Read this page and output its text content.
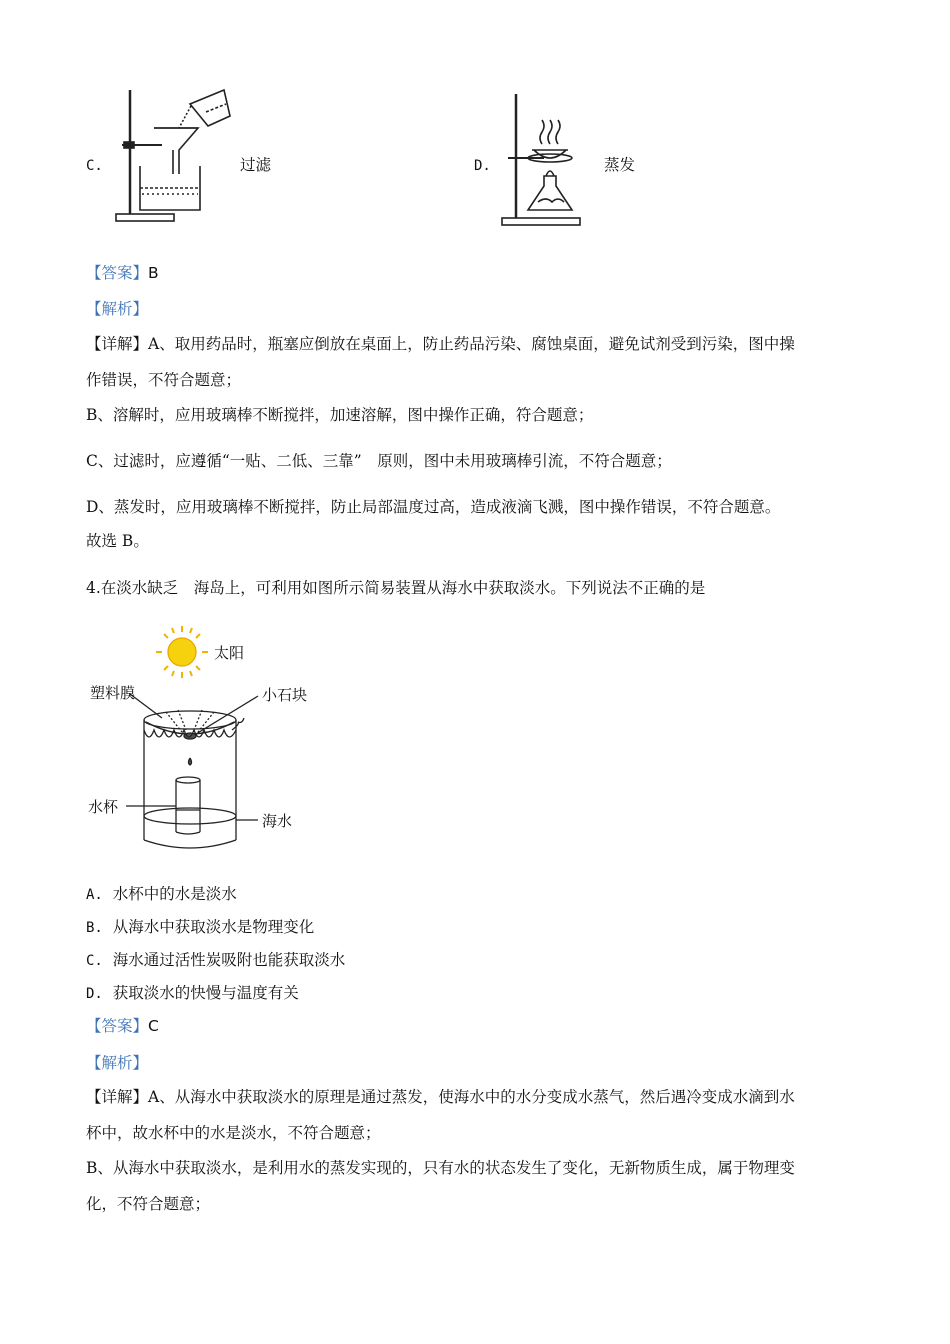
C.	过滤	D.	蒸发
【答案】B
【解析】
【详解】A、取用药品时，瓶塞应倒放在桌面上，防止药品污染、腐蚀桌面，避免试剂受到污染，图中操
作错误，不符合题意；
B、溶解时，应用玻璃棒不断搅拌，加速溶解，图中操作正确，符合题意；
C、过滤时，应遵循“一贴、二低、三靠”　原则，图中未用玻璃棒引流，不符合题意；
D、蒸发时，应用玻璃棒不断搅拌，防止局部温度过高，造成液滴飞溅，图中操作错误，不符合题意。
故选 B。
4.在淡水缺乏　海岛上，可利用如图所示简易装置从海水中获取淡水。下列说法不正确的是
太阳
塑料膜	小石块
水杯
海水
A. 水杯中的水是淡水
B. 从海水中获取淡水是物理变化
C. 海水通过活性炭吸附也能获取淡水
D. 获取淡水的快慢与温度有关
【答案】C
【解析】
【详解】A、从海水中获取淡水的原理是通过蒸发，使海水中的水分变成水蒸气，然后遇冷变成水滴到水
杯中，故水杯中的水是淡水，不符合题意；
B、从海水中获取淡水，是利用水的蒸发实现的，只有水的状态发生了变化，无新物质生成，属于物理变
化，不符合题意；
